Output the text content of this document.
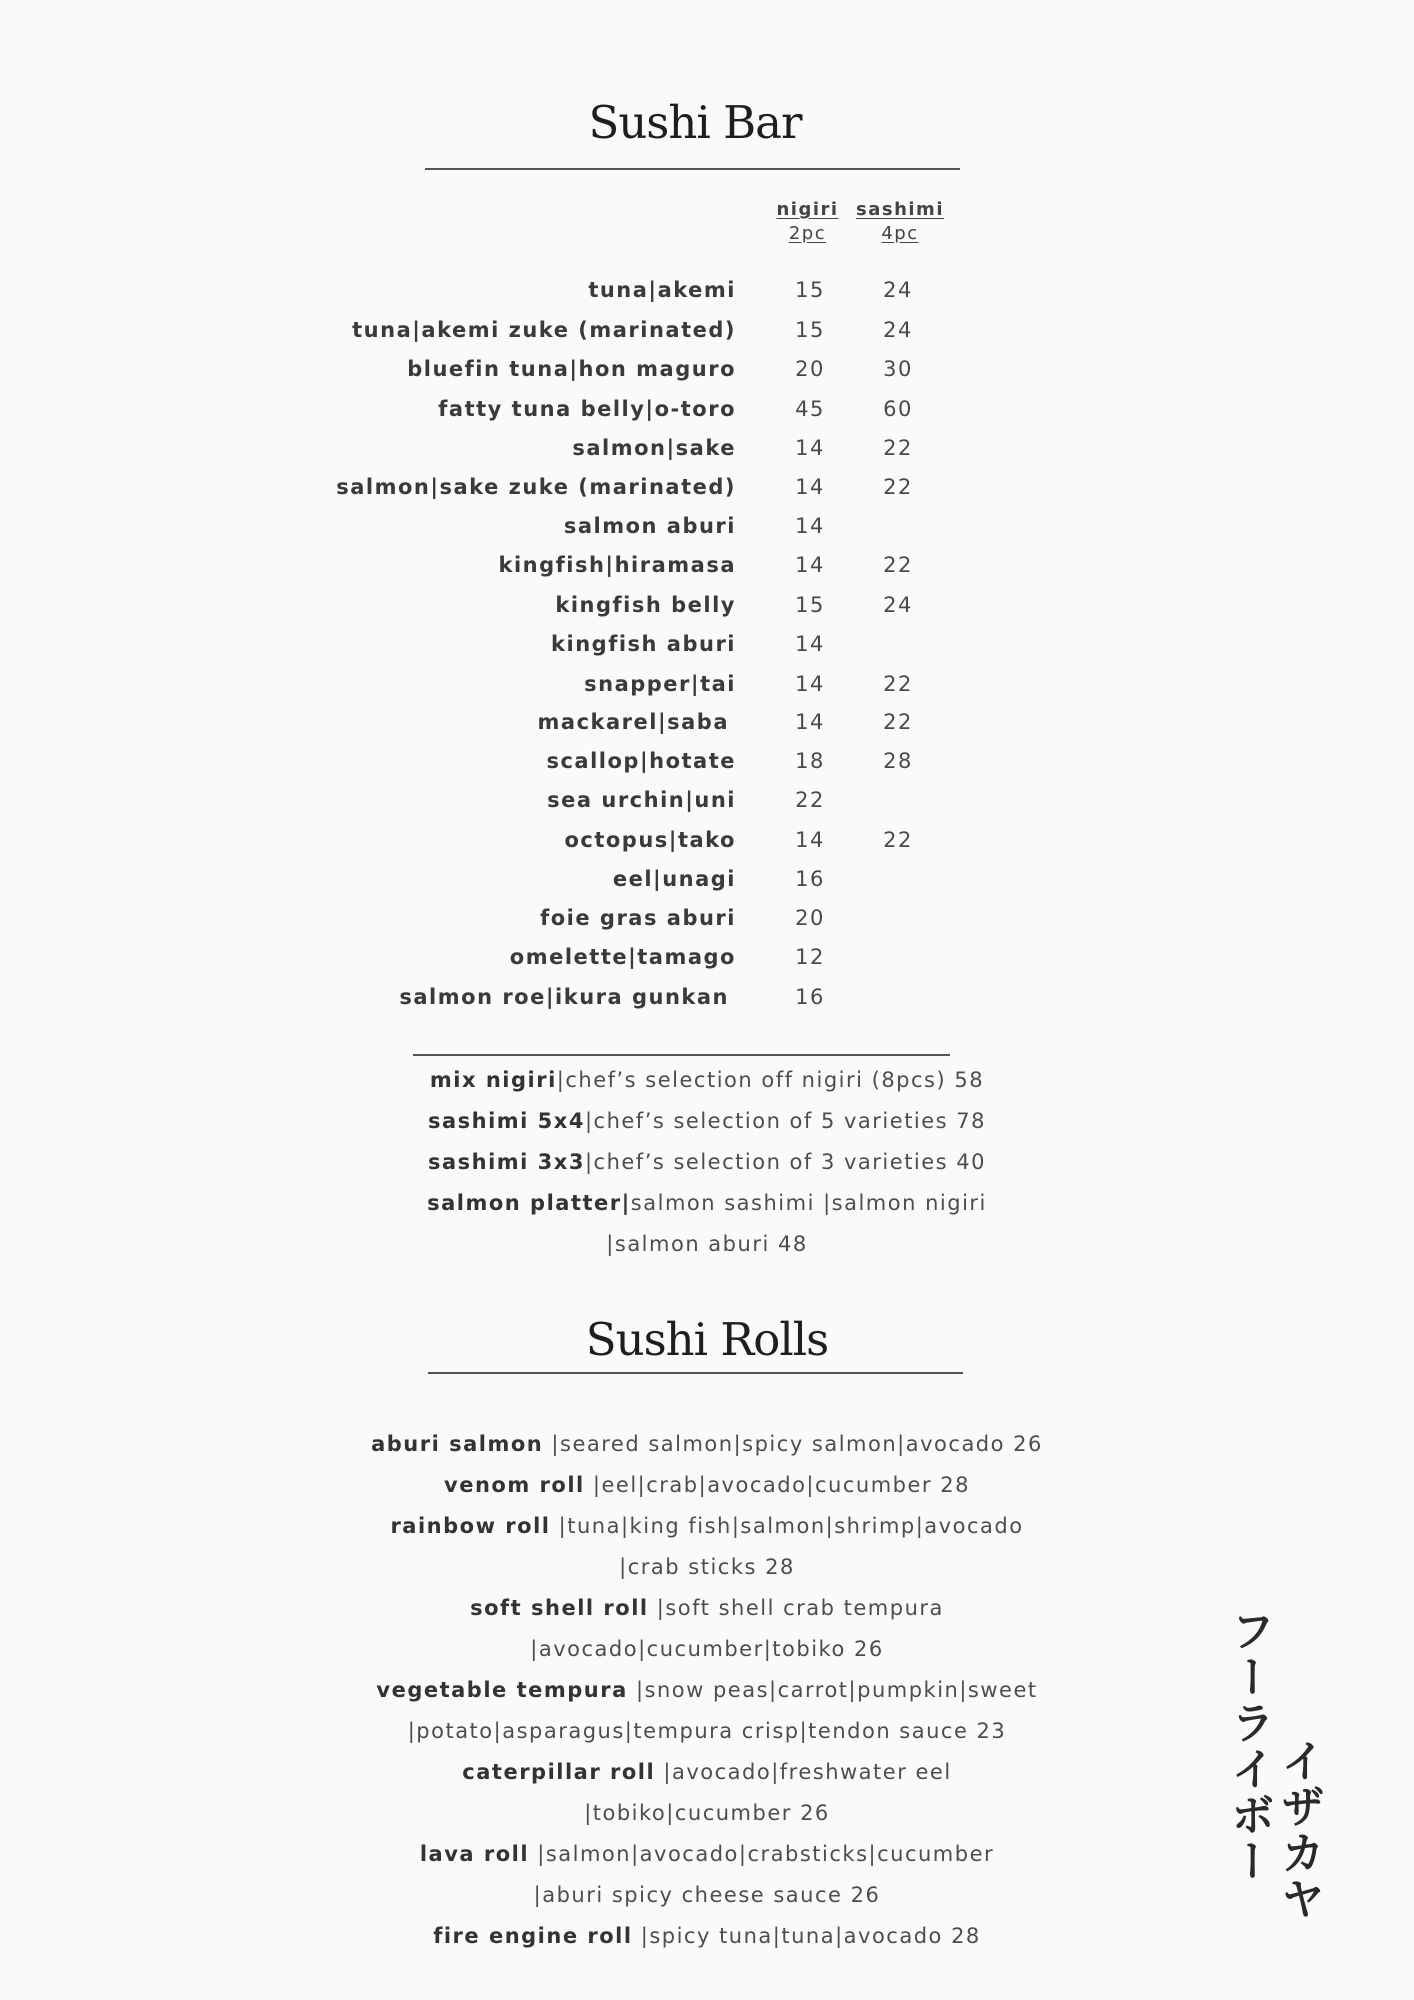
Sushi Bar
nigiri
2pc
sashimi
4pc
tuna|akemi	15	24
tuna|akemi zuke (marinated)	15	24
bluefin tuna|hon maguro	20	30
fatty tuna belly|o-toro	45	60
salmon|sake	14	22
salmon|sake zuke (marinated)	14	22
salmon aburi	14
kingfish|hiramasa	14	22
kingfish belly	15	24
kingfish aburi	14
snapper|tai	14	22
mackarel|saba	14	22
scallop|hotate	18	28
sea urchin|uni	22
octopus|tako	14	22
eel|unagi	16
foie gras aburi	20
omelette|tamago	12
salmon roe|ikura gunkan	16
mix nigiri|chef’s selection off nigiri (8pcs) 58
sashimi 5x4|chef’s selection of 5 varieties 78
sashimi 3x3|chef’s selection of 3 varieties 40
salmon platter|salmon sashimi |salmon nigiri
|salmon aburi 48
Sushi Rolls
aburi salmon |seared salmon|spicy salmon|avocado 26
venom roll |eel|crab|avocado|cucumber 28
rainbow roll |tuna|king fish|salmon|shrimp|avocado
|crab sticks 28
soft shell roll |soft shell crab tempura
|avocado|cucumber|tobiko 26
vegetable tempura |snow peas|carrot|pumpkin|sweet
|potato|asparagus|tempura crisp|tendon sauce 23
caterpillar roll |avocado|freshwater eel
|tobiko|cucumber 26
lava roll |salmon|avocado|crabsticks|cucumber
|aburi spicy cheese sauce 26
fire engine roll |spicy tuna|tuna|avocado 28
フーライボー イザカヤ
